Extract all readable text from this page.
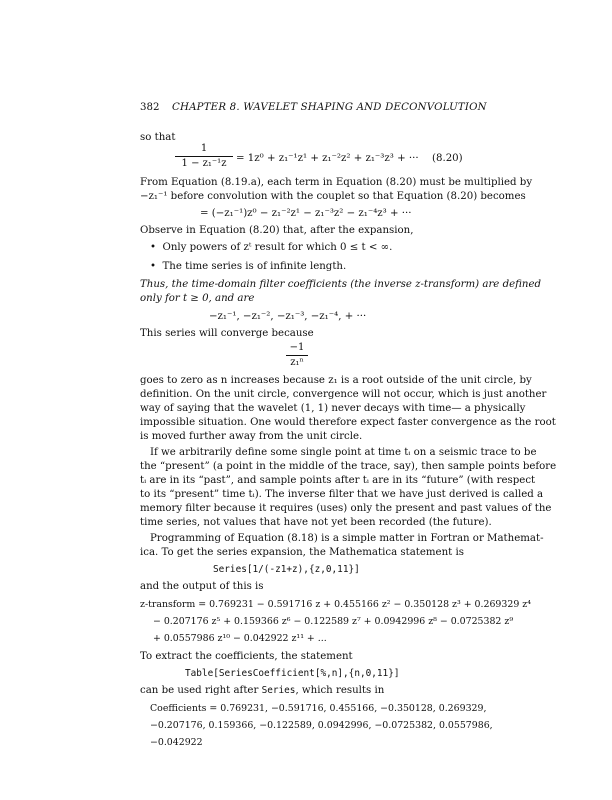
382 CHAPTER 8. WAVELET SHAPING AND DECONVOLUTION
so that
1
1 − z₁⁻¹z = 1z⁰ + z₁⁻¹z¹ + z₁⁻²z² + z₁⁻³z³ + ··· (8.20)
From Equation (8.19.a), each term in Equation (8.20) must be multiplied by
−z₁⁻¹ before convolution with the couplet so that Equation (8.20) becomes
= (−z₁⁻¹)z⁰ − z₁⁻²z¹ − z₁⁻³z² − z₁⁻⁴z³ + ···
Observe in Equation (8.20) that, after the expansion,
•  Only powers of zᵗ result for which 0 ≤ t < ∞.
•  The time series is of infinite length.
Thus, the time-domain filter coefficients (the inverse z-transform) are defined
only for t ≥ 0, and are
−z₁⁻¹, −z₁⁻², −z₁⁻³, −z₁⁻⁴, + ···
This series will converge because
−1
z₁ⁿ
goes to zero as n increases because z₁ is a root outside of the unit circle, by
definition. On the unit circle, convergence will not occur, which is just another
way of saying that the wavelet (1, 1) never decays with time— a physically
impossible situation. One would therefore expect faster convergence as the root
is moved further away from the unit circle.
If we arbitrarily define some single point at time tᵢ on a seismic trace to be
the “present” (a point in the middle of the trace, say), then sample points before
tᵢ are in its “past”, and sample points after tᵢ are in its “future” (with respect
to its “present” time tᵢ). The inverse filter that we have just derived is called a
memory filter because it requires (uses) only the present and past values of the
time series, not values that have not yet been recorded (the future).
Programming of Equation (8.18) is a simple matter in Fortran or Mathemat-
ica. To get the series expansion, the Mathematica statement is
Series[1/(-z1+z),{z,0,11}]
and the output of this is
z-transform = 0.769231 − 0.591716 z + 0.455166 z² − 0.350128 z³ + 0.269329 z⁴
− 0.207176 z⁵ + 0.159366 z⁶ − 0.122589 z⁷ + 0.0942996 z⁸ − 0.0725382 z⁹
+ 0.0557986 z¹⁰ − 0.042922 z¹¹ + ...
To extract the coefficients, the statement
Table[SeriesCoefficient[%,n],{n,0,11}]
can be used right after Series, which results in
Coefficients = 0.769231, −0.591716, 0.455166, −0.350128, 0.269329,
−0.207176, 0.159366, −0.122589, 0.0942996, −0.0725382, 0.0557986,
−0.042922
